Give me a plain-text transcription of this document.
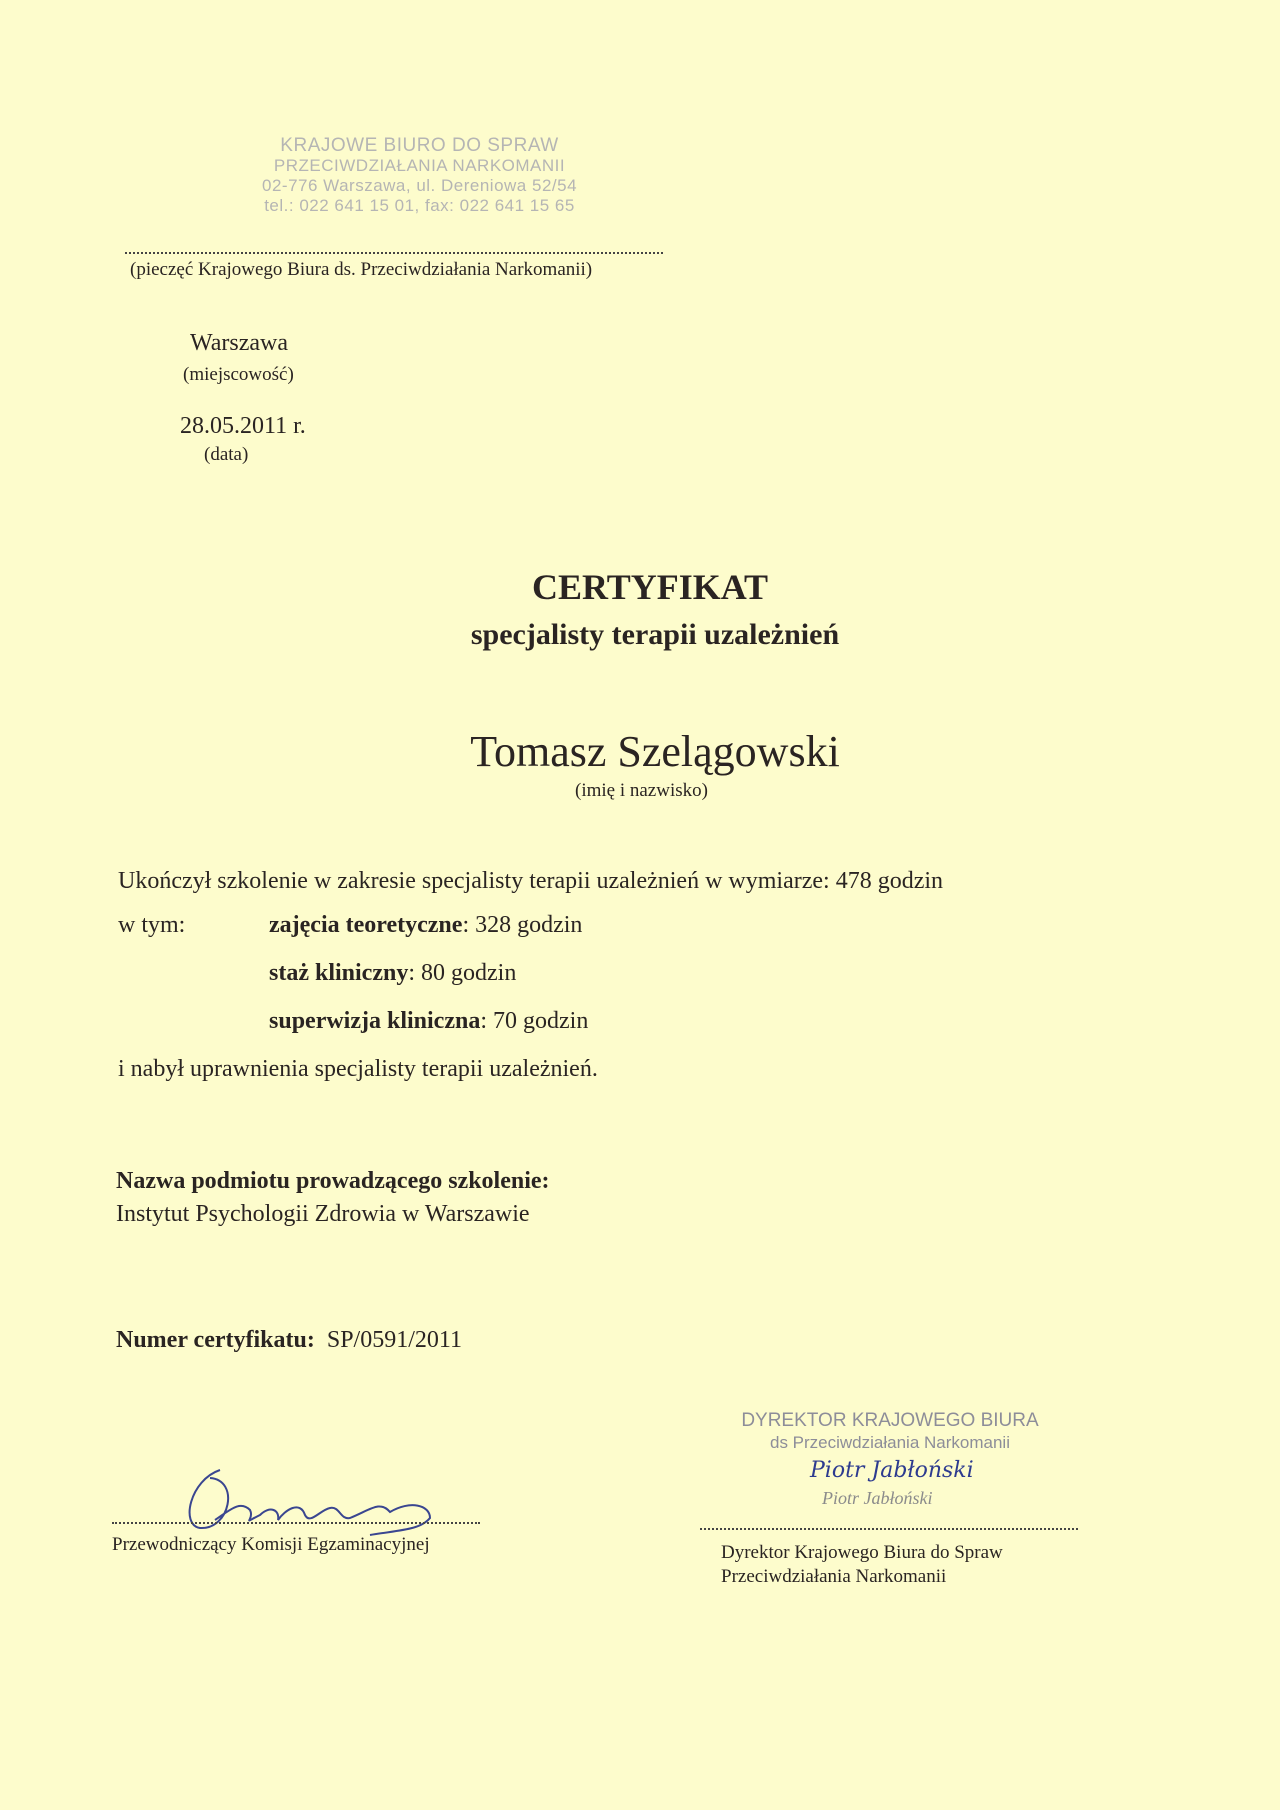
KRAJOWE BIURO DO SPRAW
PRZECIWDZIAŁANIA NARKOMANII
02-776 Warszawa, ul. Dereniowa 52/54
tel.: 022 641 15 01, fax: 022 641 15 65
(pieczęć Krajowego Biura ds. Przeciwdziałania Narkomanii)
Warszawa
(miejscowość)
28.05.2011 r.
(data)
CERTYFIKAT
specjalisty terapii uzależnień
Tomasz Szelągowski
(imię i nazwisko)
Ukończył szkolenie w zakresie specjalisty terapii uzależnień w wymiarze: 478 godzin
w tym:	zajęcia teoretyczne: 328 godzin
staż kliniczny: 80 godzin
superwizja kliniczna: 70 godzin
i nabył uprawnienia specjalisty terapii uzależnień.
Nazwa podmiotu prowadzącego szkolenie:
Instytut Psychologii Zdrowia w Warszawie
Numer certyfikatu: SP/0591/2011
Przewodniczący Komisji Egzaminacyjnej
DYREKTOR KRAJOWEGO BIURA
ds Przeciwdziałania Narkomanii
Piotr Jabłoński
Piotr Jabłoński
Dyrektor Krajowego Biura do Spraw
Przeciwdziałania Narkomanii
